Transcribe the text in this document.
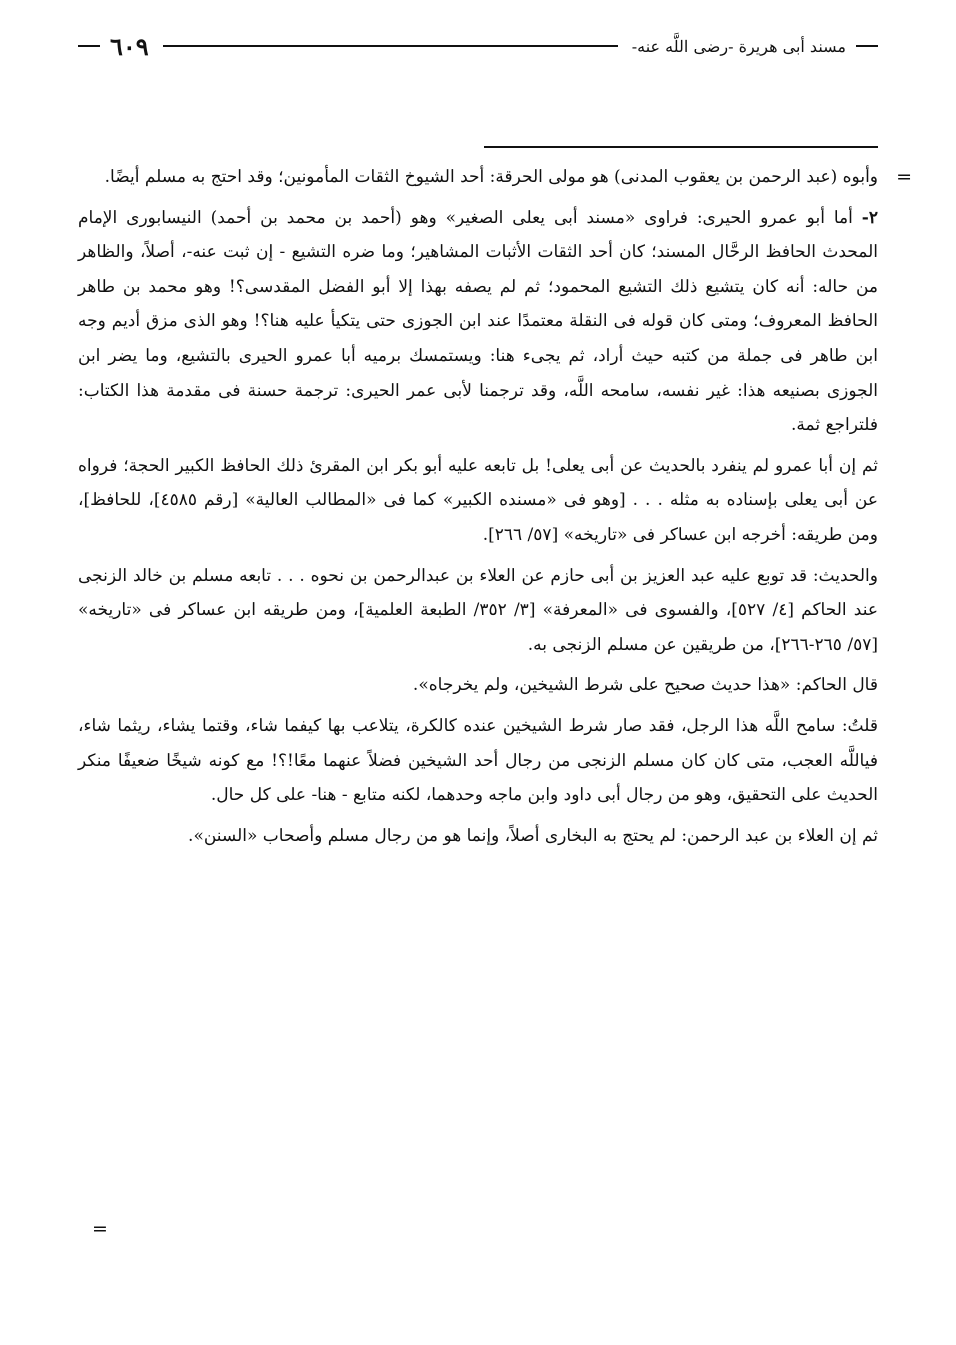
مسند أبى هريرة -رضى اللَّه عنه-
٦٠٩

=
وأبوه (عبد الرحمن بن يعقوب المدنى) هو مولى الحرقة: أحد الشيوخ الثقات المأمونين؛ وقد احتج به مسلم أيضًا.

٢- أما أبو عمرو الحيرى: فراوى «مسند أبى يعلى الصغير» وهو (أحمد بن محمد بن أحمد) النيسابورى الإمام المحدث الحافظ الرحَّال المسند؛ كان أحد الثقات الأثبات المشاهير؛ وما ضره التشيع - إن ثبت عنه-، أصلاً، والظاهر من حاله: أنه كان يتشيع ذلك التشيع المحمود؛ ثم لم يصفه بهذا إلا أبو الفضل المقدسى؟! وهو محمد بن طاهر الحافظ المعروف؛ ومتى كان قوله فى النقلة معتمدًا عند ابن الجوزى حتى يتكيأ عليه هنا؟! وهو الذى مزق أديم وجه ابن طاهر فى جملة من كتبه حيث أراد، ثم يجىء هنا: ويستمسك برميه أبا عمرو الحيرى بالتشيع، وما يضر ابن الجوزى بصنيعه هذا: غير نفسه، سامحه اللَّه، وقد ترجمنا لأبى عمر الحيرى: ترجمة حسنة فى مقدمة هذا الكتاب: فلتراجع ثمة.

ثم إن أبا عمرو لم ينفرد بالحديث عن أبى يعلى! بل تابعه عليه أبو بكر ابن المقرئ ذلك الحافظ الكبير الحجة؛ فرواه عن أبى يعلى بإسناده به مثله . . . [وهو فى «مسنده الكبير» كما فى «المطالب العالية» [رقم ٤٥٨٥]، للحافظ]، ومن طريقه: أخرجه ابن عساكر فى «تاريخه» [٥٧/ ٢٦٦].

والحديث: قد توبع عليه عبد العزيز بن أبى حازم عن العلاء بن عبدالرحمن بن نحوه . . . تابعه مسلم بن خالد الزنجى عند الحاكم [٤/ ٥٢٧]، والفسوى فى «المعرفة» [٣/ ٣٥٢/ الطبعة العلمية]، ومن طريقه ابن عساكر فى «تاريخه» [٥٧/ ٢٦٥-٢٦٦]، من طريقين عن مسلم الزنجى به.

قال الحاكم: «هذا حديث صحيح على شرط الشيخين، ولم يخرجاه».

قلتُ: سامح اللَّه هذا الرجل، فقد صار شرط الشيخين عنده كالكرة، يتلاعب بها كيفما شاء، وقتما يشاء، ريثما شاء، فياللَّه العجب، متى كان كان مسلم الزنجى من رجال أحد الشيخين فضلاً عنهما معًا!؟! مع كونه شيخًا ضعيفًا منكر الحديث على التحقيق، وهو من رجال أبى داود وابن ماجه وحدهما، لكنه متابع - هنا- على كل حال.

ثم إن العلاء بن عبد الرحمن: لم يحتج به البخارى أصلاً، وإنما هو من رجال مسلم وأصحاب «السنن».

=
